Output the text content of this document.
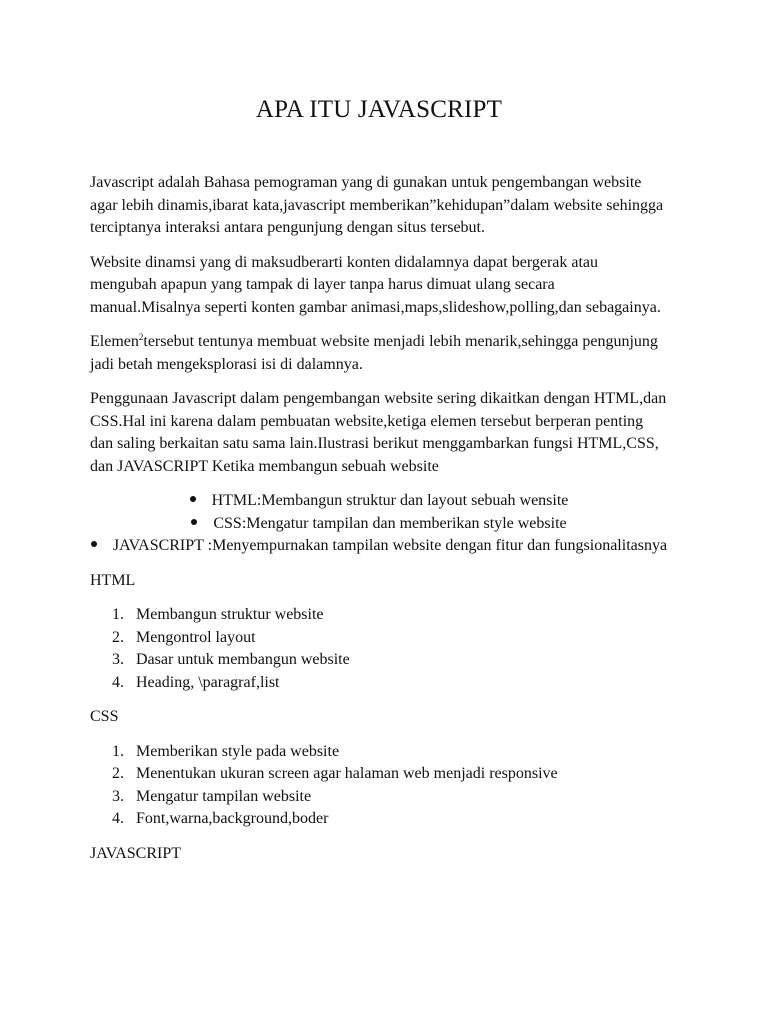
APA ITU JAVASCRIPT

Javascript adalah Bahasa pemograman yang di gunakan untuk pengembangan website agar lebih dinamis,ibarat kata,javascript memberikan”kehidupan”dalam website sehingga terciptanya interaksi antara pengunjung dengan situs tersebut.

Website dinamsi yang di maksudberarti konten didalamnya dapat bergerak atau mengubah apapun yang tampak di layer tanpa harus dimuat ulang secara manual.Misalnya seperti konten gambar animasi,maps,slideshow,polling,dan sebagainya.

Elemen$^2$tersebut tentunya membuat website menjadi lebih menarik,sehingga pengunjung jadi betah mengeksplorasi isi di dalamnya.

Penggunaan Javascript dalam pengembangan website sering dikaitkan dengan HTML,dan CSS.Hal ini karena dalam pembuatan website,ketiga elemen tersebut berperan penting dan saling berkaitan satu sama lain.Ilustrasi berikut menggambarkan fungsi HTML,CSS, dan JAVASCRIPT Ketika membangun sebuah website

HTML:Membangun struktur dan layout sebuah wensite
CSS:Mengatur tampilan dan memberikan style website
JAVASCRIPT :Menyempurnakan tampilan website dengan fitur dan fungsionalitasnya

HTML

1. Membangun struktur website
2. Mengontrol layout
3. Dasar untuk membangun website
4. Heading, \paragraf,list

CSS

1. Memberikan style pada website
2. Menentukan ukuran screen agar halaman web menjadi responsive
3. Mengatur tampilan website
4. Font,warna,background,boder

JAVASCRIPT
